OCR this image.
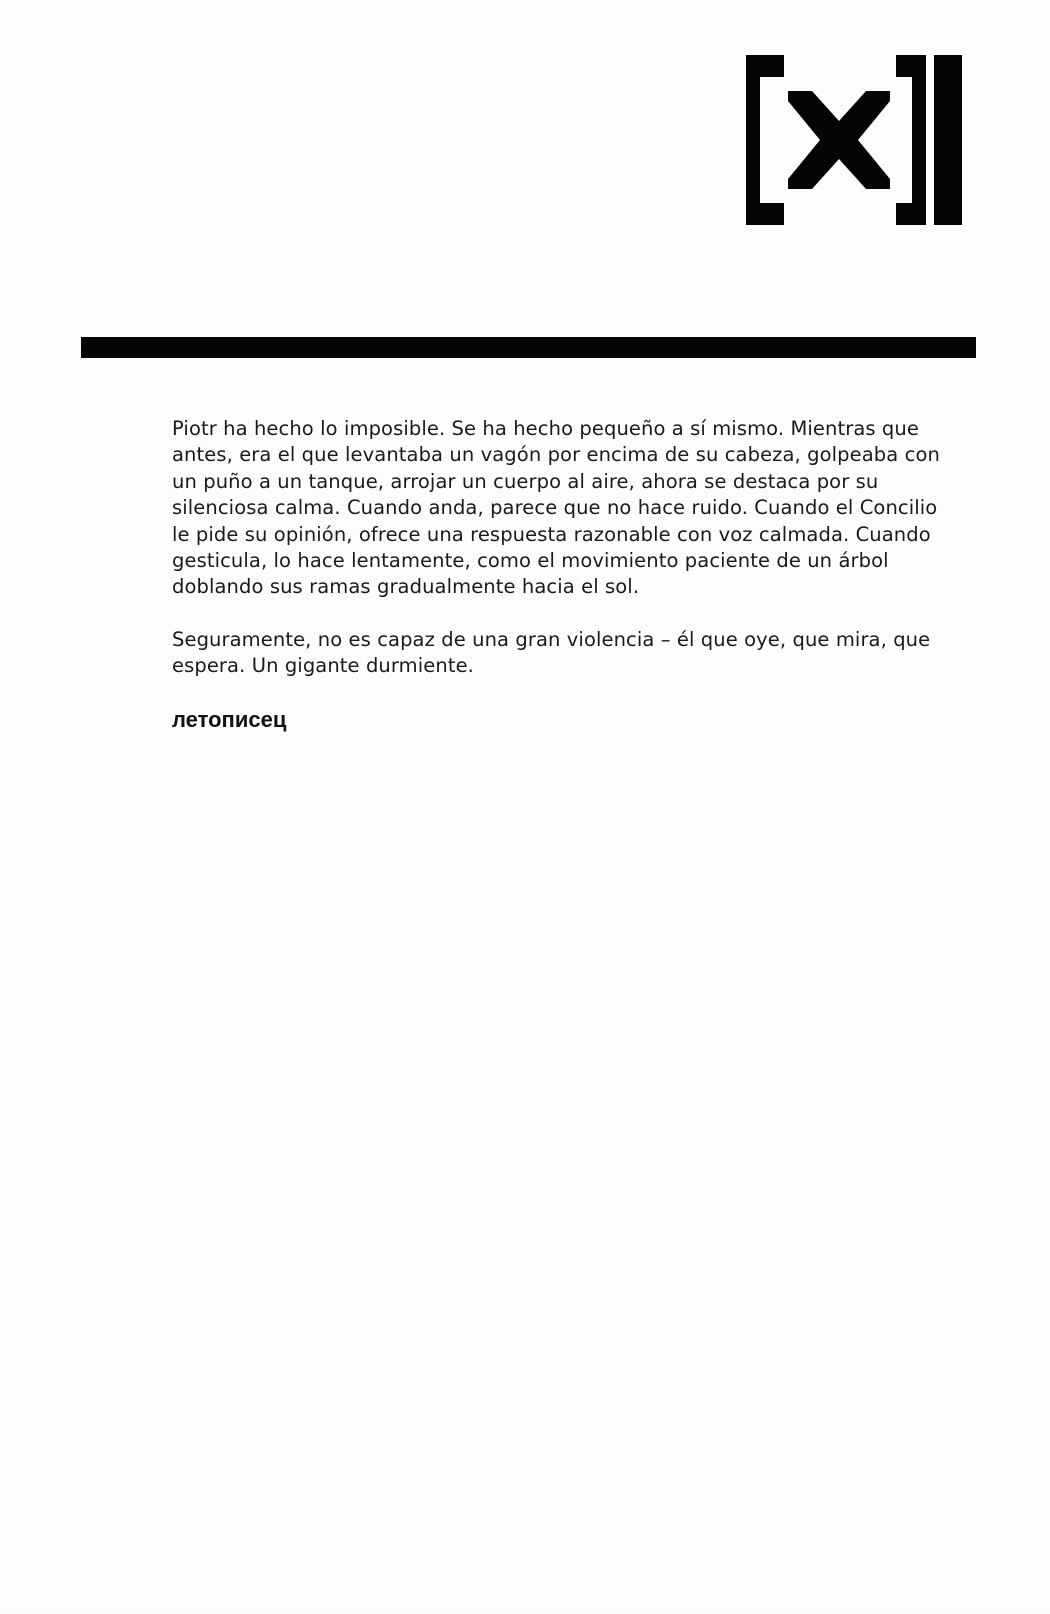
Piotr ha hecho lo imposible. Se ha hecho pequeño a sí mismo. Mientras que antes, era el que levantaba un vagón por encima de su cabeza, golpeaba con un puño a un tanque, arrojar un cuerpo al aire, ahora se destaca por su silenciosa calma. Cuando anda, parece que no hace ruido. Cuando el Concilio le pide su opinión, ofrece una respuesta razonable con voz calmada. Cuando gesticula, lo hace lentamente, como el movimiento paciente de un árbol doblando sus ramas gradualmente hacia el sol.

Seguramente, no es capaz de una gran violencia – él que oye, que mira, que espera. Un gigante durmiente.

летописец
